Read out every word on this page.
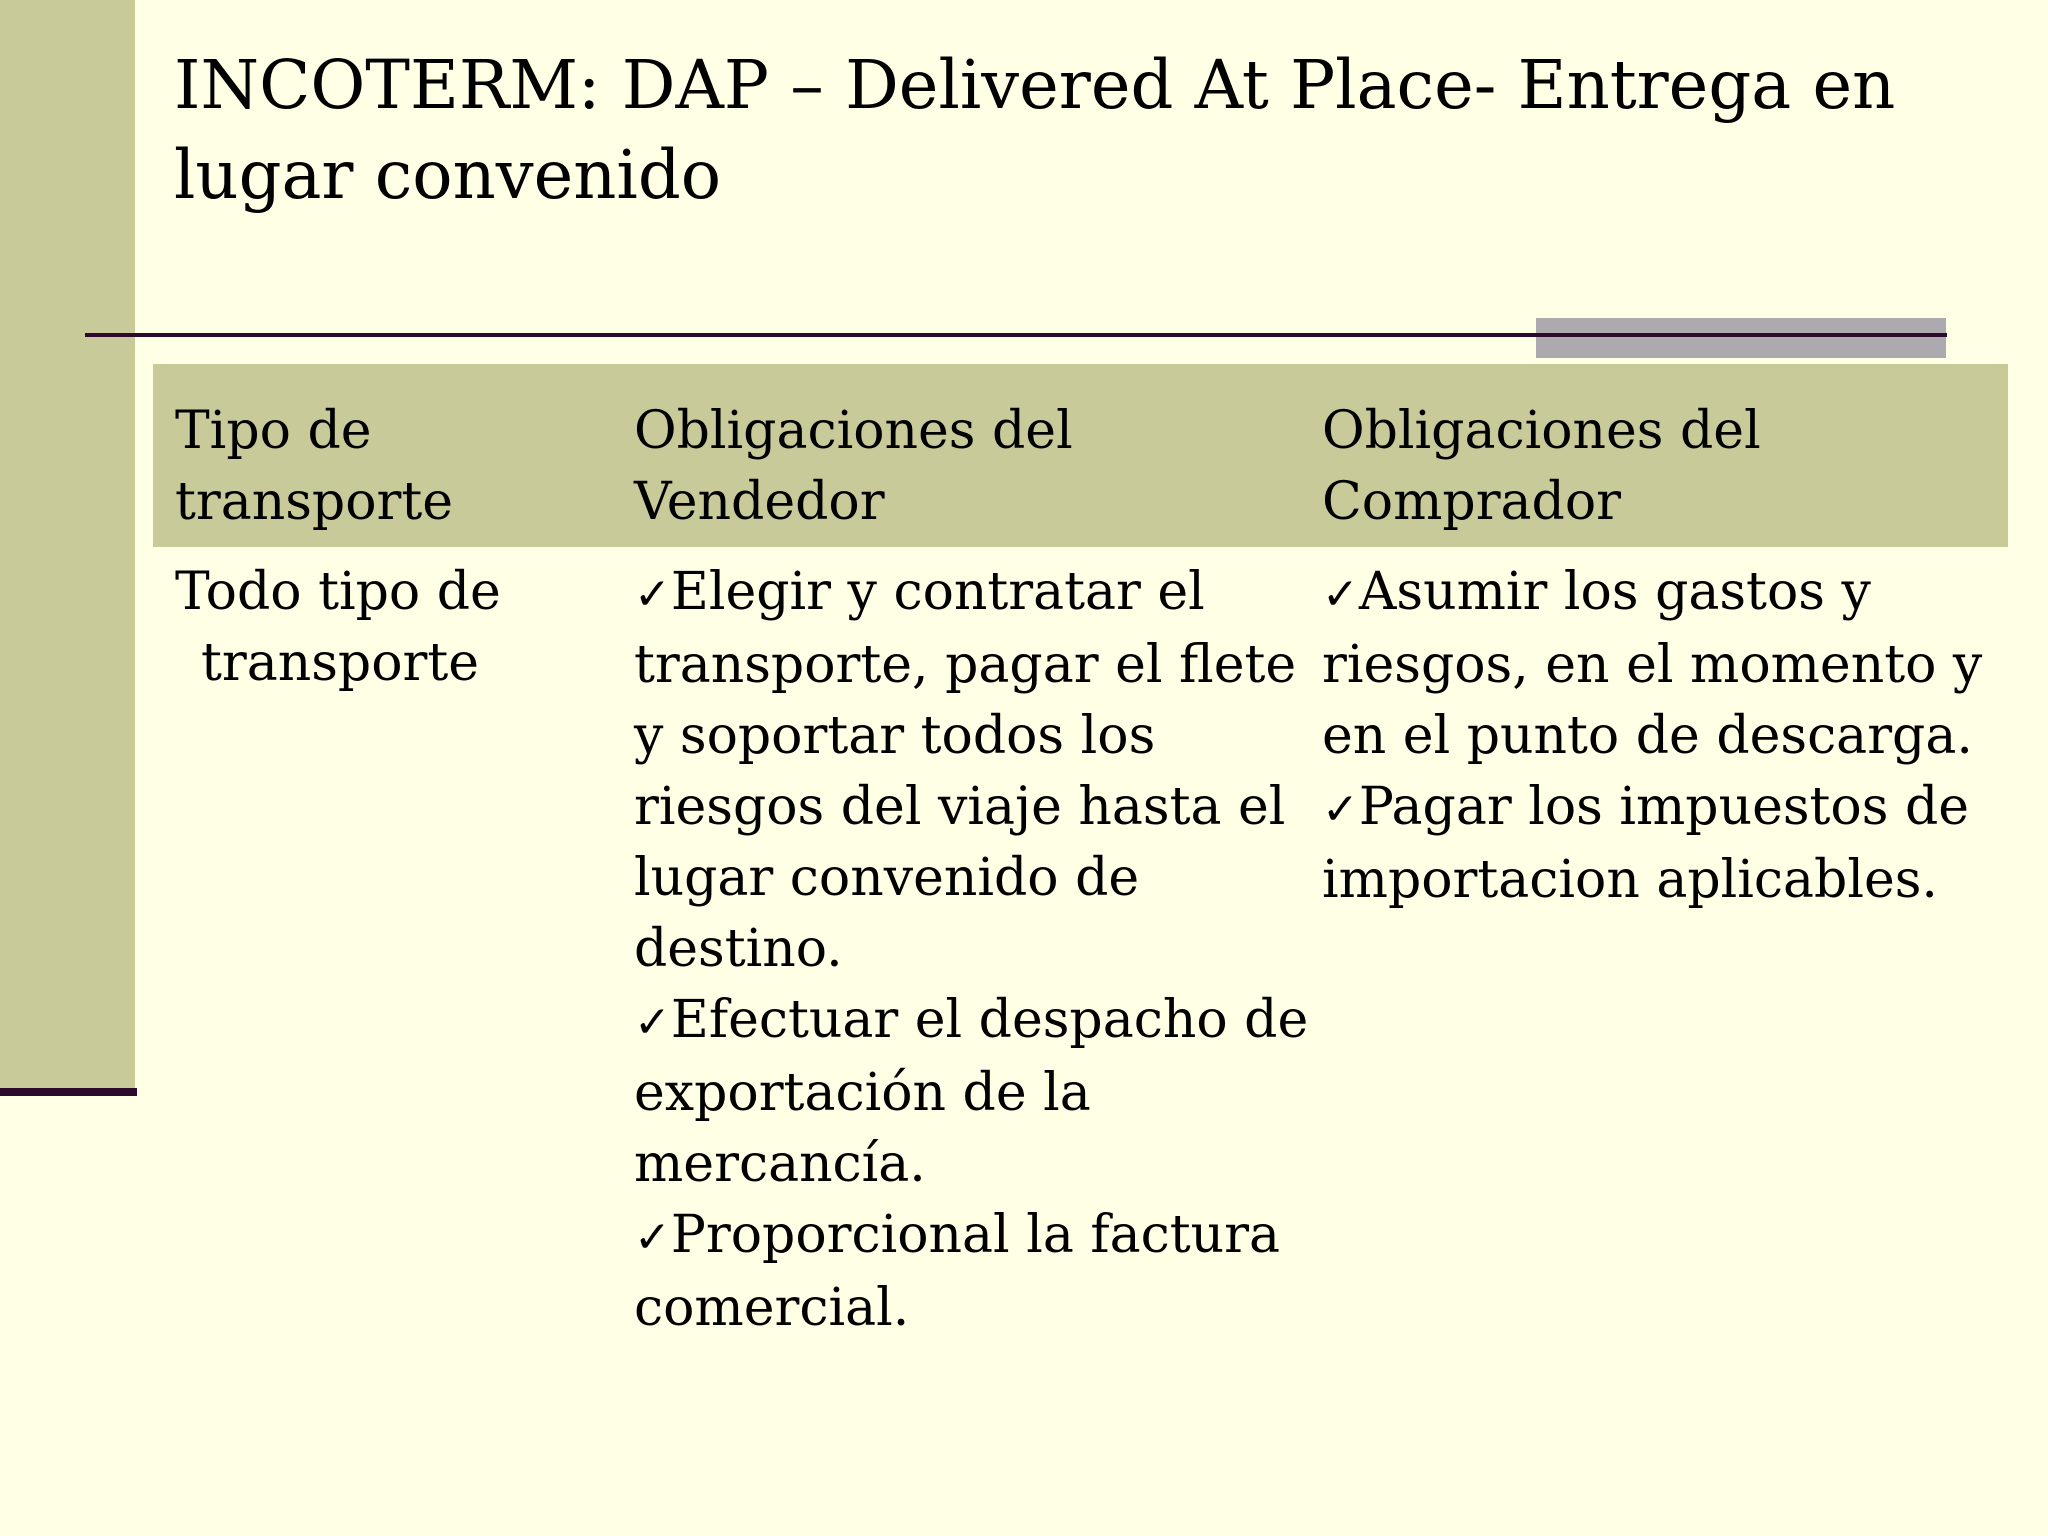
INCOTERM: DAP – Delivered At Place- Entrega en lugar convenido
Tipo de transporte
Obligaciones del Vendedor
Obligaciones del Comprador
Todo tipo de
transporte
✓Elegir y contratar el transporte, pagar el flete y soportar todos los riesgos del viaje hasta el lugar convenido de destino.
✓Efectuar el despacho de exportación de la mercancía.
✓Proporcional la factura comercial.
✓Asumir los gastos y riesgos, en el momento y en el punto de descarga.
✓Pagar los impuestos de importacion aplicables.
